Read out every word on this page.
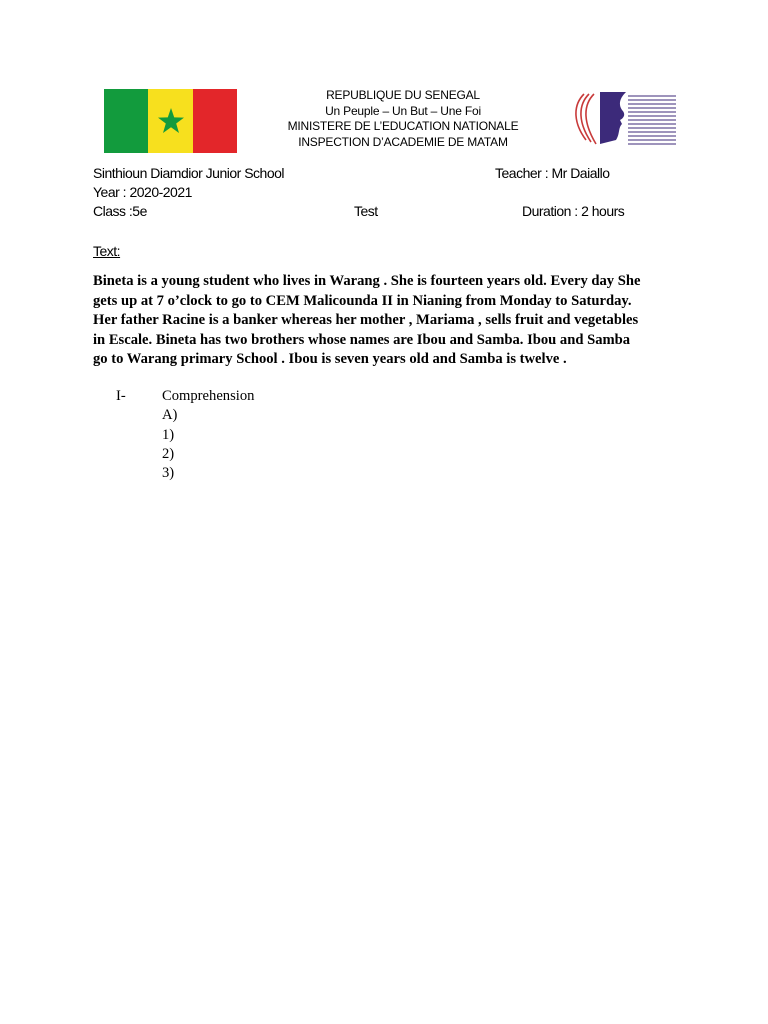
REPUBLIQUE DU SENEGAL
Un Peuple – Un But – Une Foi
MINISTERE DE L’EDUCATION NATIONALE
INSPECTION D’ACADEMIE DE MATAM
Sinthioun Diamdior Junior School	Teacher : Mr Daiallo
Year : 2020-2021
Class :5e	Test	Duration : 2 hours
Text:
Bineta is a young student who lives in Warang . She is fourteen years old. Every day She
gets up at 7 o’clock to go to CEM Malicounda II in Nianing from Monday to Saturday.
Her father Racine is a banker whereas her mother , Mariama , sells fruit and vegetables
in Escale. Bineta has two brothers whose names are Ibou and Samba. Ibou and Samba
go to Warang primary School . Ibou is seven years old and Samba is twelve .
I- Comprehension
A)
1)
2)
3)
